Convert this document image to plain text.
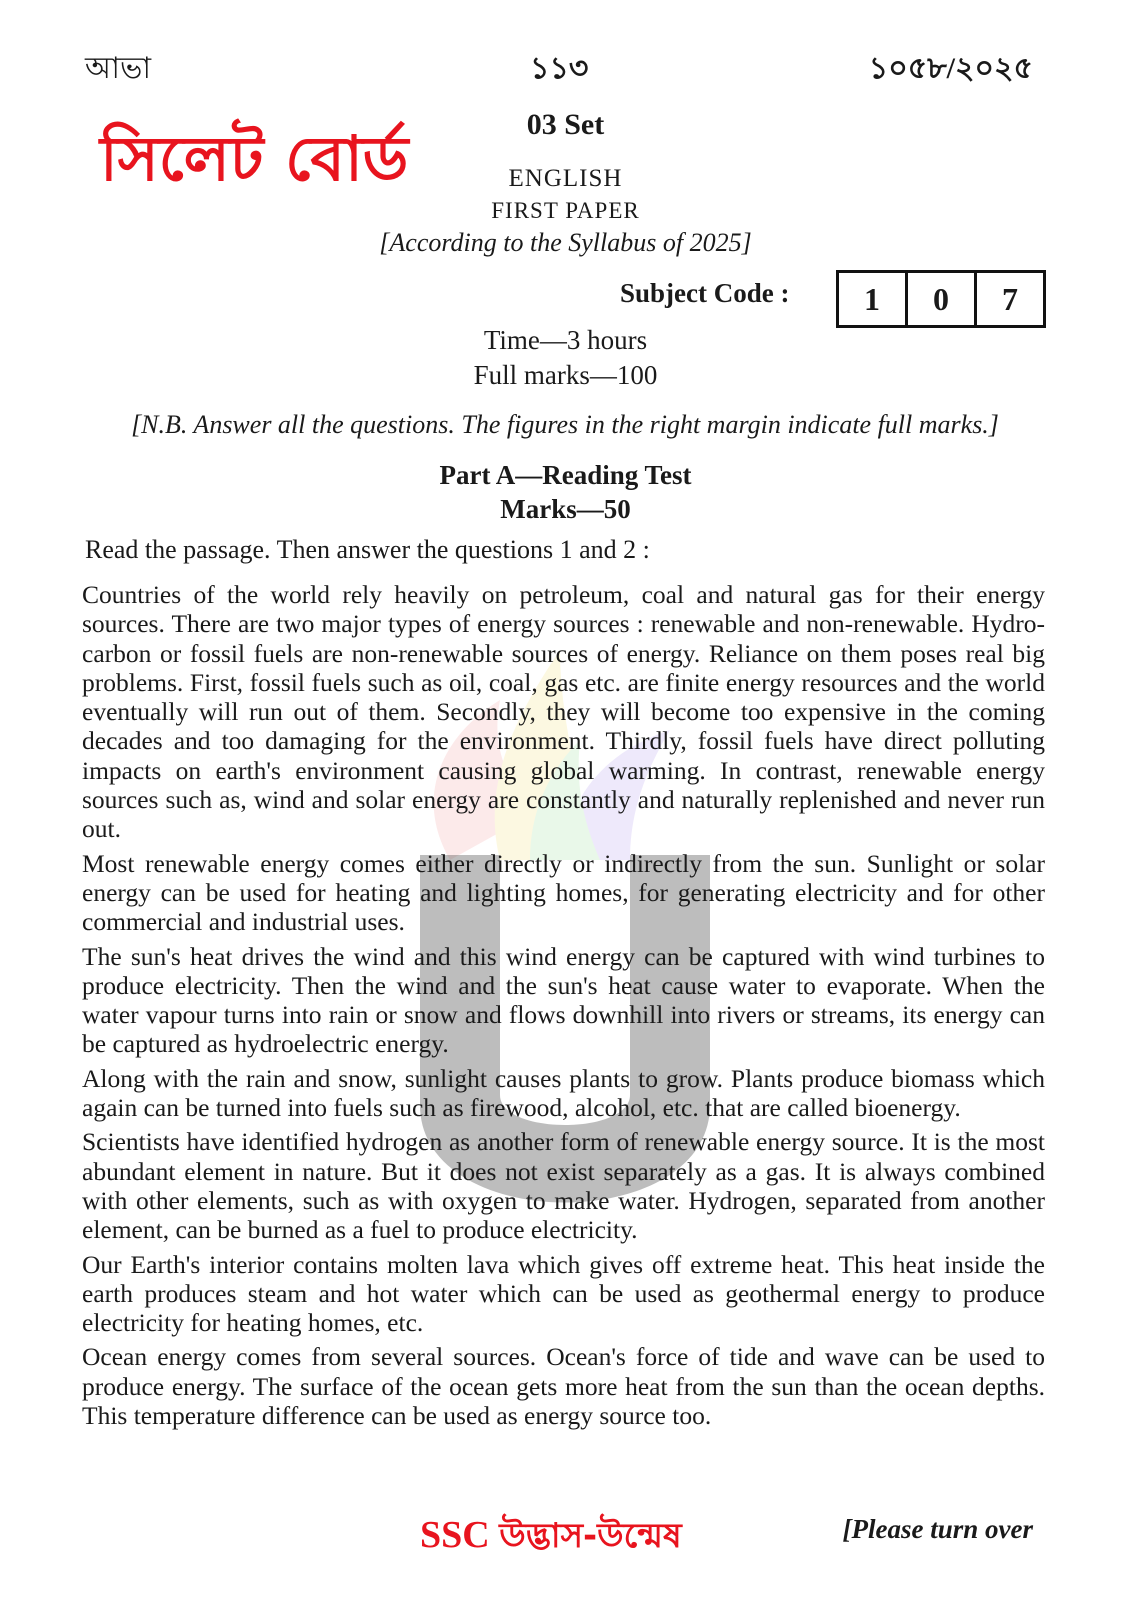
আভা	১১৩	১০৫৮/২০২৫
সিলেট বোর্ড	03 Set
ENGLISH
FIRST PAPER
[According to the Syllabus of 2025]
Subject Code :	1	0	7
Time—3 hours
Full marks—100
[N.B. Answer all the questions. The figures in the right margin indicate full marks.]
Part A—Reading Test
Marks—50
Read the passage. Then answer the questions 1 and 2 :

Countries of the world rely heavily on petroleum, coal and natural gas for their energy sources. There are two major types of energy sources : renewable and non-renewable. Hydro-carbon or fossil fuels are non-renewable sources of energy. Reliance on them poses real big problems. First, fossil fuels such as oil, coal, gas etc. are finite energy resources and the world eventually will run out of them. Secondly, they will become too expensive in the coming decades and too damaging for the environment. Thirdly, fossil fuels have direct polluting impacts on earth's environment causing global warming. In contrast, renewable energy sources such as, wind and solar energy are constantly and naturally replenished and never run out.

Most renewable energy comes either directly or indirectly from the sun. Sunlight or solar energy can be used for heating and lighting homes, for generating electricity and for other commercial and industrial uses.

The sun's heat drives the wind and this wind energy can be captured with wind turbines to produce electricity. Then the wind and the sun's heat cause water to evaporate. When the water vapour turns into rain or snow and flows downhill into rivers or streams, its energy can be captured as hydroelectric energy.

Along with the rain and snow, sunlight causes plants to grow. Plants produce biomass which again can be turned into fuels such as firewood, alcohol, etc. that are called bioenergy.

Scientists have identified hydrogen as another form of renewable energy source. It is the most abundant element in nature. But it does not exist separately as a gas. It is always combined with other elements, such as with oxygen to make water. Hydrogen, separated from another element, can be burned as a fuel to produce electricity.

Our Earth's interior contains molten lava which gives off extreme heat. This heat inside the earth produces steam and hot water which can be used as geothermal energy to produce electricity for heating homes, etc.

Ocean energy comes from several sources. Ocean's force of tide and wave can be used to produce energy. The surface of the ocean gets more heat from the sun than the ocean depths. This temperature difference can be used as energy source too.

SSC উদ্ভাস-উন্মেষ	[Please turn over
